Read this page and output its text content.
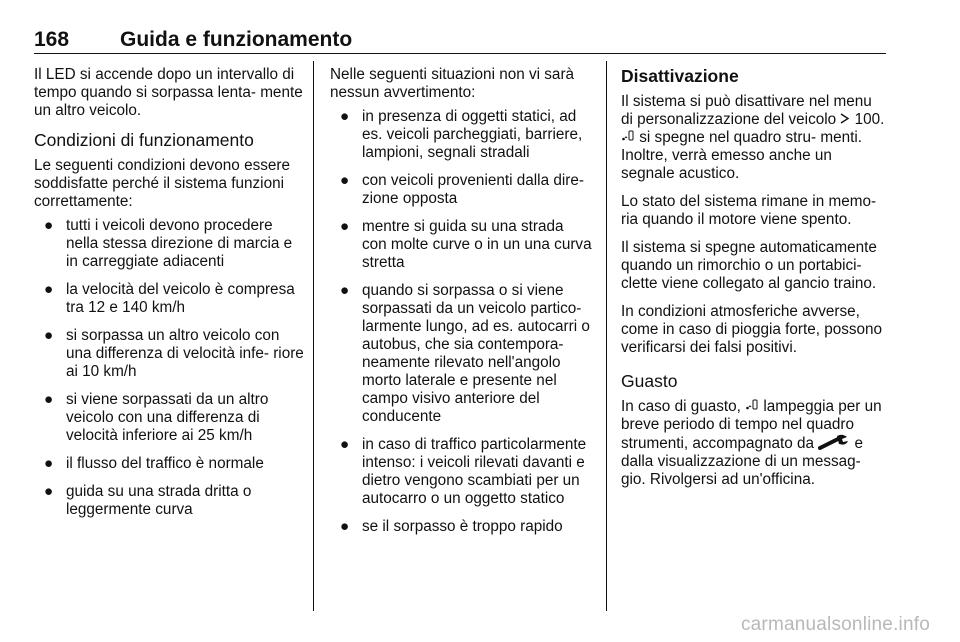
168 Guida e funzionamento

Il LED si accende dopo un intervallo di tempo quando si sorpassa lenta- mente un altro veicolo.

Condizioni di funzionamento

Le seguenti condizioni devono essere soddisfatte perché il sistema funzioni correttamente:

● tutti i veicoli devono procedere nella stessa direzione di marcia e in carreggiate adiacenti
● la velocità del veicolo è compresa tra 12 e 140 km/h
● si sorpassa un altro veicolo con una differenza di velocità infe- riore ai 10 km/h
● si viene sorpassati da un altro veicolo con una differenza di velocità inferiore ai 25 km/h
● il flusso del traffico è normale
● guida su una strada dritta o leggermente curva

Nelle seguenti situazioni non vi sarà nessun avvertimento:

● in presenza di oggetti statici, ad es. veicoli parcheggiati, barriere, lampioni, segnali stradali
● con veicoli provenienti dalla dire- zione opposta
● mentre si guida su una strada con molte curve o in un una curva stretta
● quando si sorpassa o si viene sorpassati da un veicolo partico- larmente lungo, ad es. autocarri o autobus, che sia contempora- neamente rilevato nell'angolo morto laterale e presente nel campo visivo anteriore del conducente
● in caso di traffico particolarmente intenso: i veicoli rilevati davanti e dietro vengono scambiati per un autocarro o un oggetto statico
● se il sorpasso è troppo rapido
Disattivazione

Il sistema si può disattivare nel menu di personalizzazione del veicolo 100.  si spegne nel quadro stru- menti. Inoltre, verrà emesso anche un segnale acustico.

Lo stato del sistema rimane in memo- ria quando il motore viene spento.

Il sistema si spegne automaticamente quando un rimorchio o un portabici- clette viene collegato al gancio traino.

In condizioni atmosferiche avverse, come in caso di pioggia forte, possono verificarsi dei falsi positivi.

Guasto

In caso di guasto, lampeggia per un breve periodo di tempo nel quadro strumenti, accompagnato da	e dalla visualizzazione di un messag- gio. Rivolgersi ad un'officina.

carmanualsonline.info
